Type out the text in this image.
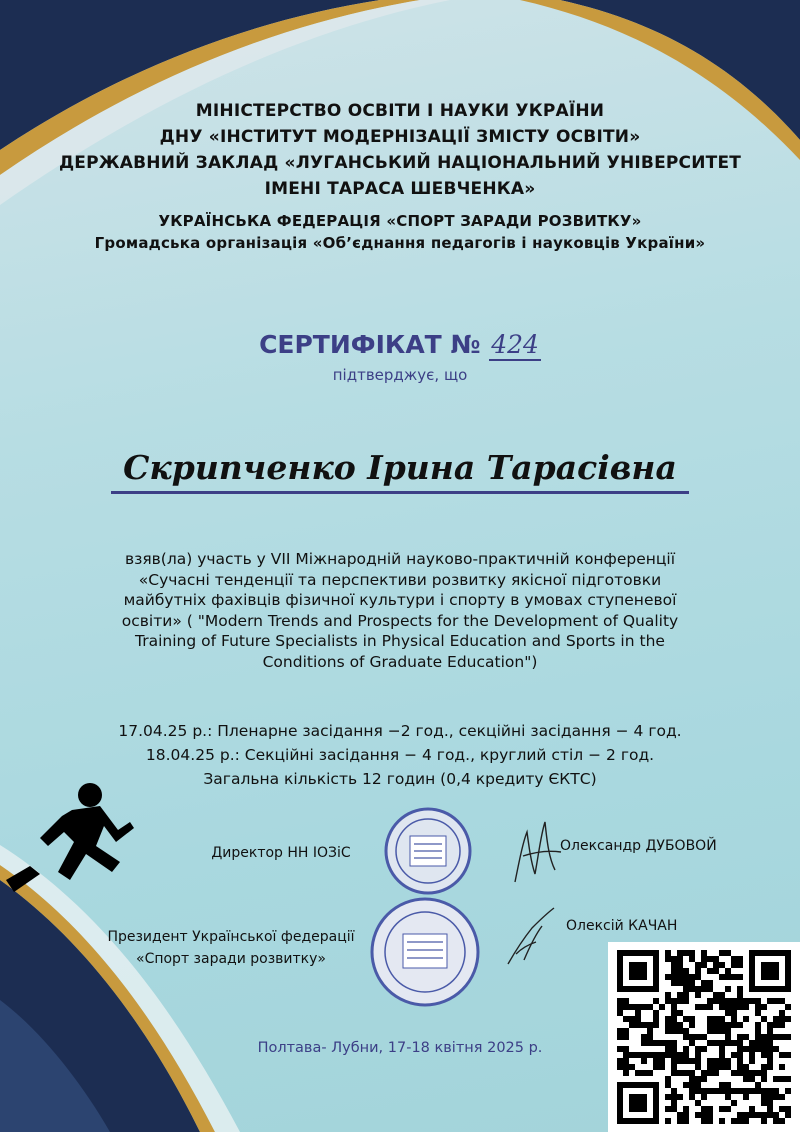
МІНІСТЕРСТВО ОСВІТИ І НАУКИ УКРАЇНИ
ДНУ «ІНСТИТУТ МОДЕРНІЗАЦІЇ ЗМІСТУ ОСВІТИ»
ДЕРЖАВНИЙ ЗАКЛАД «ЛУГАНСЬКИЙ НАЦІОНАЛЬНИЙ УНІВЕРСИТЕТ
ІМЕНІ ТАРАСА ШЕВЧЕНКА»
УКРАЇНСЬКА ФЕДЕРАЦІЯ «СПОРТ ЗАРАДИ РОЗВИТКУ»
Громадська організація «Об’єднання педагогів і науковців України»
СЕРТИФІКАТ № 424
підтверджує, що
Скрипченко Ірина Тарасівна
взяв(ла) участь у VII Міжнародній науково-практичній конференції
«Сучасні тенденції та перспективи розвитку якісної підготовки
майбутніх фахівців фізичної культури і спорту в умовах ступеневої
освіти» ( "Modern Trends and Prospects for the Development of Quality
Training of Future Specialists in Physical Education and Sports in the
Conditions of Graduate Education")
17.04.25 р.: Пленарне засідання −2 год., секційні засідання − 4 год.
18.04.25 р.: Секційні засідання − 4 год., круглий стіл − 2 год.
Загальна кількість 12 годин (0,4 кредиту ЄКТС)
Директор НН ІОЗіС	Олександр ДУБОВОЙ
Президент Української федерації
«Спорт заради розвитку»
Олексій КАЧАН
Полтава- Лубни, 17-18 квітня 2025 р.
